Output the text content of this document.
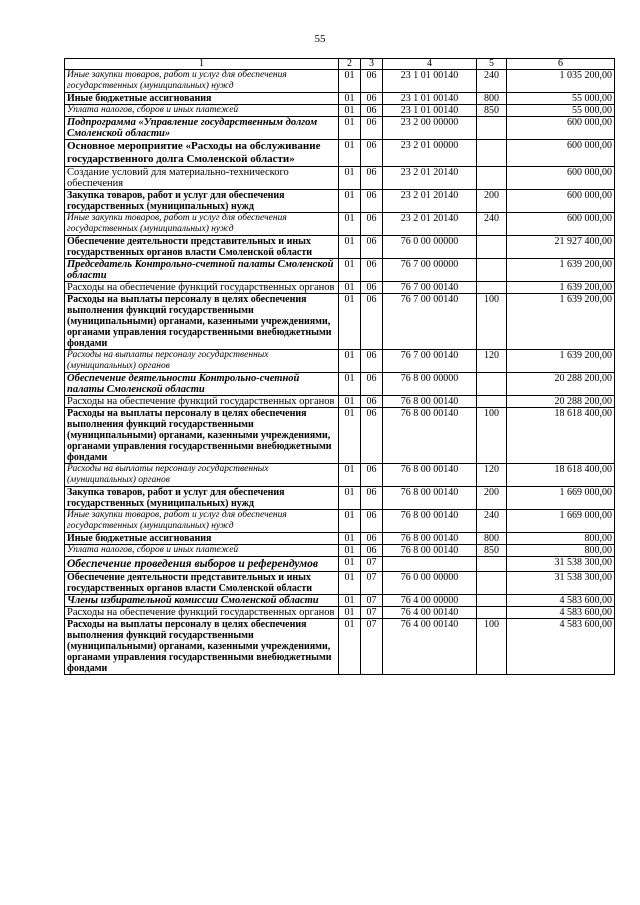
55
1	2	3	4	5	6
Иные закупки товаров, работ и услуг для обеспечения государственных (муниципальных) нужд	01	06	23 1 01 00140	240	1 035 200,00
Иные бюджетные ассигнования	01	06	23 1 01 00140	800	55 000,00
Уплата налогов, сборов и иных платежей	01	06	23 1 01 00140	850	55 000,00
Подпрограмма «Управление государственным долгом Смоленской области»	01	06	23 2 00 00000		600 000,00
Основное мероприятие «Расходы на обслуживание государственного долга Смоленской области»	01	06	23 2 01 00000		600 000,00
Создание условий для материально-технического обеспечения	01	06	23 2 01 20140		600 000,00
Закупка товаров, работ и услуг для обеспечения государственных (муниципальных) нужд	01	06	23 2 01 20140	200	600 000,00
Иные закупки товаров, работ и услуг для обеспечения государственных (муниципальных) нужд	01	06	23 2 01 20140	240	600 000,00
Обеспечение деятельности представительных и иных государственных органов власти Смоленской области	01	06	76 0 00 00000		21 927 400,00
Председатель Контрольно-счетной палаты Смоленской области	01	06	76 7 00 00000		1 639 200,00
Расходы на обеспечение функций государственных органов	01	06	76 7 00 00140		1 639 200,00
Расходы на выплаты персоналу в целях обеспечения выполнения функций государственными (муниципальными) органами, казенными учреждениями, органами управления государственными внебюджетными фондами	01	06	76 7 00 00140	100	1 639 200,00
Расходы на выплаты персоналу государственных (муниципальных) органов	01	06	76 7 00 00140	120	1 639 200,00
Обеспечение деятельности Контрольно-счетной палаты Смоленской области	01	06	76 8 00 00000		20 288 200,00
Расходы на обеспечение функций государственных органов	01	06	76 8 00 00140		20 288 200,00
Расходы на выплаты персоналу в целях обеспечения выполнения функций государственными (муниципальными) органами, казенными учреждениями, органами управления государственными внебюджетными фондами	01	06	76 8 00 00140	100	18 618 400,00
Расходы на выплаты персоналу государственных (муниципальных) органов	01	06	76 8 00 00140	120	18 618 400,00
Закупка товаров, работ и услуг для обеспечения государственных (муниципальных) нужд	01	06	76 8 00 00140	200	1 669 000,00
Иные закупки товаров, работ и услуг для обеспечения государственных (муниципальных) нужд	01	06	76 8 00 00140	240	1 669 000,00
Иные бюджетные ассигнования	01	06	76 8 00 00140	800	800,00
Уплата налогов, сборов и иных платежей	01	06	76 8 00 00140	850	800,00
Обеспечение проведения выборов и референдумов	01	07			31 538 300,00
Обеспечение деятельности представительных и иных государственных органов власти Смоленской области	01	07	76 0 00 00000		31 538 300,00
Члены избирательной комиссии Смоленской области	01	07	76 4 00 00000		4 583 600,00
Расходы на обеспечение функций государственных органов	01	07	76 4 00 00140		4 583 600,00
Расходы на выплаты персоналу в целях обеспечения выполнения функций государственными (муниципальными) органами, казенными учреждениями, органами управления государственными внебюджетными фондами	01	07	76 4 00 00140	100	4 583 600,00
